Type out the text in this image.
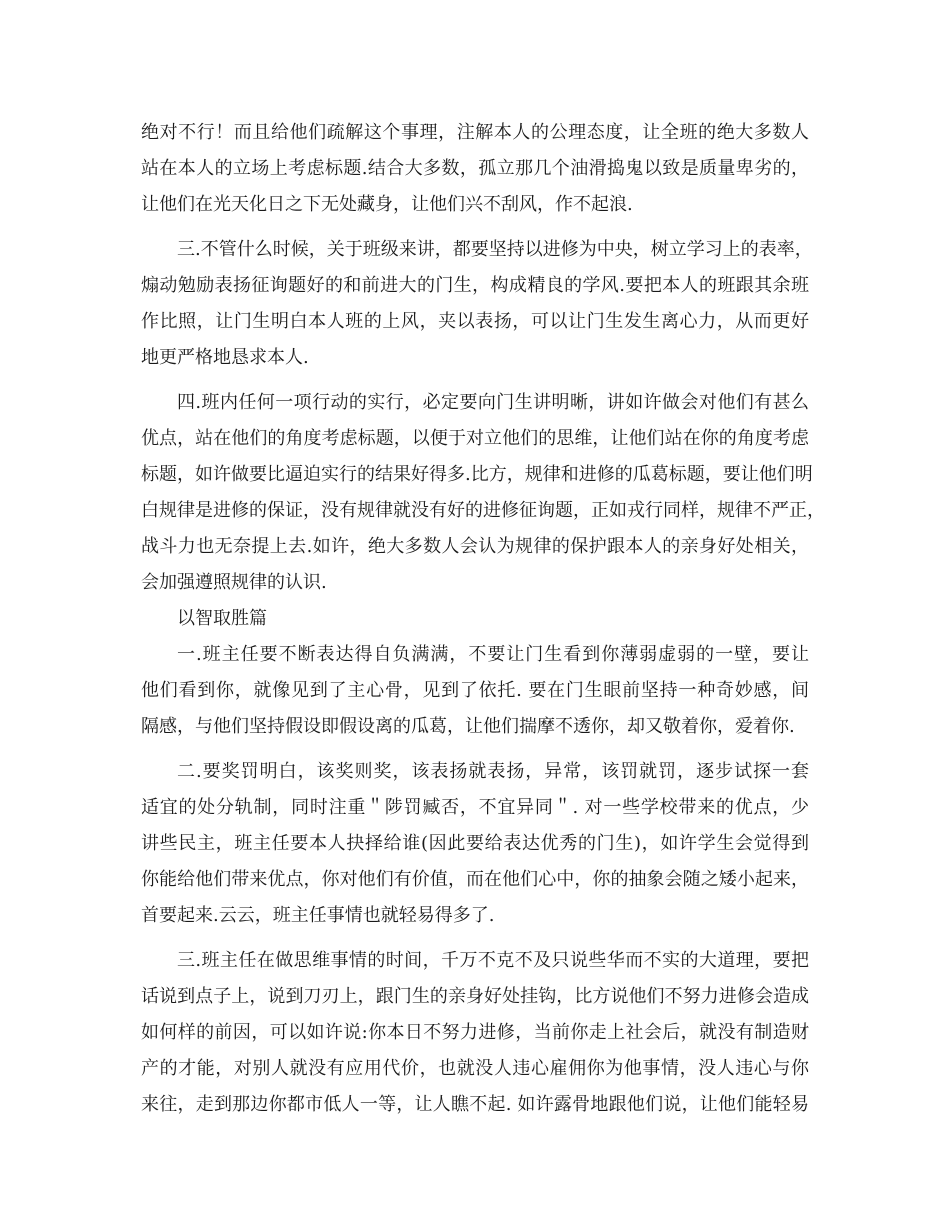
绝对不行！而且给他们疏解这个事理，注解本人的公理态度，让全班的绝大多数人
站在本人的立场上考虑标题.结合大多数，孤立那几个油滑捣鬼以致是质量卑劣的，
让他们在光天化日之下无处藏身，让他们兴不刮风，作不起浪.
三.不管什么时候，关于班级来讲，都要坚持以进修为中央，树立学习上的表率，
煽动勉励表扬征询题好的和前进大的门生，构成精良的学风.要把本人的班跟其余班
作比照，让门生明白本人班的上风，夹以表扬，可以让门生发生离心力，从而更好
地更严格地恳求本人.
四.班内任何一项行动的实行，必定要向门生讲明晰，讲如许做会对他们有甚么
优点，站在他们的角度考虑标题，以便于对立他们的思维，让他们站在你的角度考虑
标题，如许做要比逼迫实行的结果好得多.比方，规律和进修的瓜葛标题，要让他们明
白规律是进修的保证，没有规律就没有好的进修征询题，正如戎行同样，规律不严正，
战斗力也无奈提上去.如许，绝大多数人会认为规律的保护跟本人的亲身好处相关，
会加强遵照规律的认识.
以智取胜篇
一.班主任要不断表达得自负满满，不要让门生看到你薄弱虚弱的一壁，要让
他们看到你，就像见到了主心骨，见到了依托. 要在门生眼前坚持一种奇妙感，间
隔感，与他们坚持假设即假设离的瓜葛，让他们揣摩不透你，却又敬着你，爱着你.
二.要奖罚明白，该奖则奖，该表扬就表扬，异常，该罚就罚，逐步试探一套
适宜的处分轨制，同时注重＂陟罚臧否，不宜异同＂. 对一些学校带来的优点，少
讲些民主，班主任要本人抉择给谁(因此要给表达优秀的门生)，如许学生会觉得到
你能给他们带来优点，你对他们有价值，而在他们心中，你的抽象会随之矮小起来，
首要起来.云云，班主任事情也就轻易得多了.
三.班主任在做思维事情的时间，千万不克不及只说些华而不实的大道理，要把
话说到点子上，说到刀刃上，跟门生的亲身好处挂钩，比方说他们不努力进修会造成
如何样的前因，可以如许说:你本日不努力进修，当前你走上社会后，就没有制造财
产的才能，对别人就没有应用代价，也就没人违心雇佣你为他事情，没人违心与你
来往，走到那边你都市低人一等，让人瞧不起. 如许露骨地跟他们说，让他们能轻易
